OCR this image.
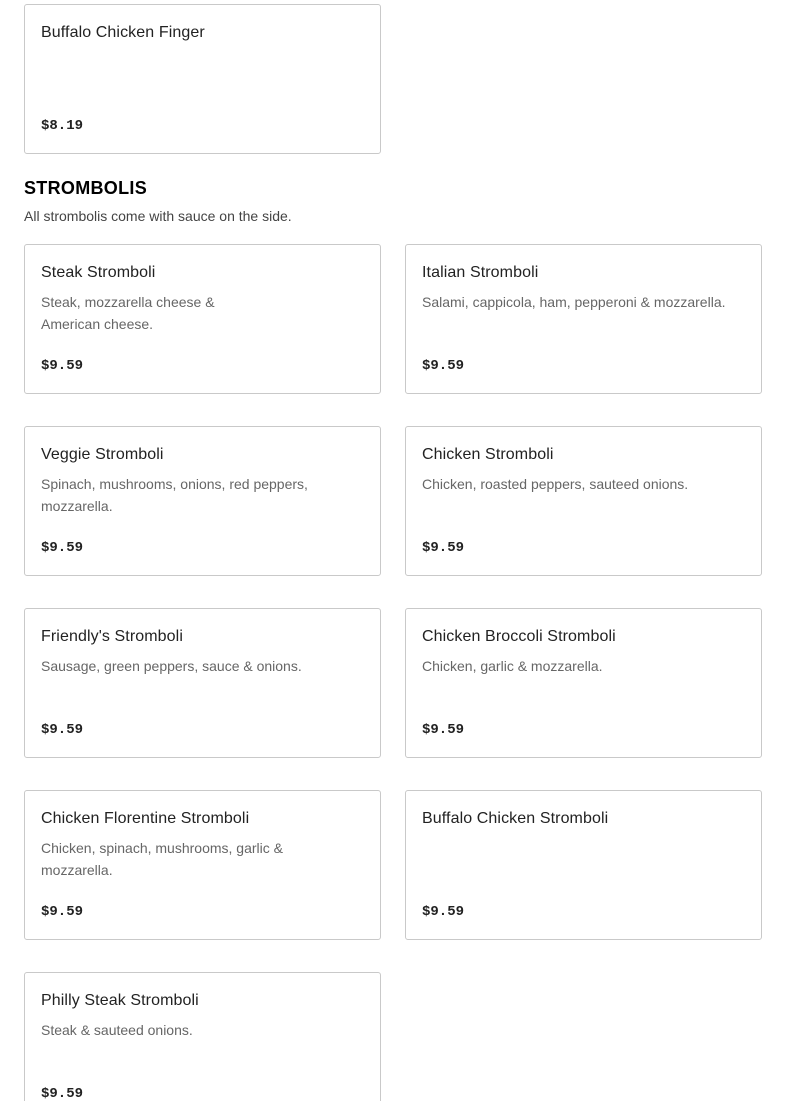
Buffalo Chicken Finger
$8.19
STROMBOLIS
All strombolis come with sauce on the side.
Steak Stromboli
Steak, mozzarella cheese & American cheese.
$9.59
Italian Stromboli
Salami, cappicola, ham, pepperoni & mozzarella.
$9.59
Veggie Stromboli
Spinach, mushrooms, onions, red peppers, mozzarella.
$9.59
Chicken Stromboli
Chicken, roasted peppers, sauteed onions.
$9.59
Friendly's Stromboli
Sausage, green peppers, sauce & onions.
$9.59
Chicken Broccoli Stromboli
Chicken, garlic & mozzarella.
$9.59
Chicken Florentine Stromboli
Chicken, spinach, mushrooms, garlic & mozzarella.
$9.59
Buffalo Chicken Stromboli
$9.59
Philly Steak Stromboli
Steak & sauteed onions.
$9.59
